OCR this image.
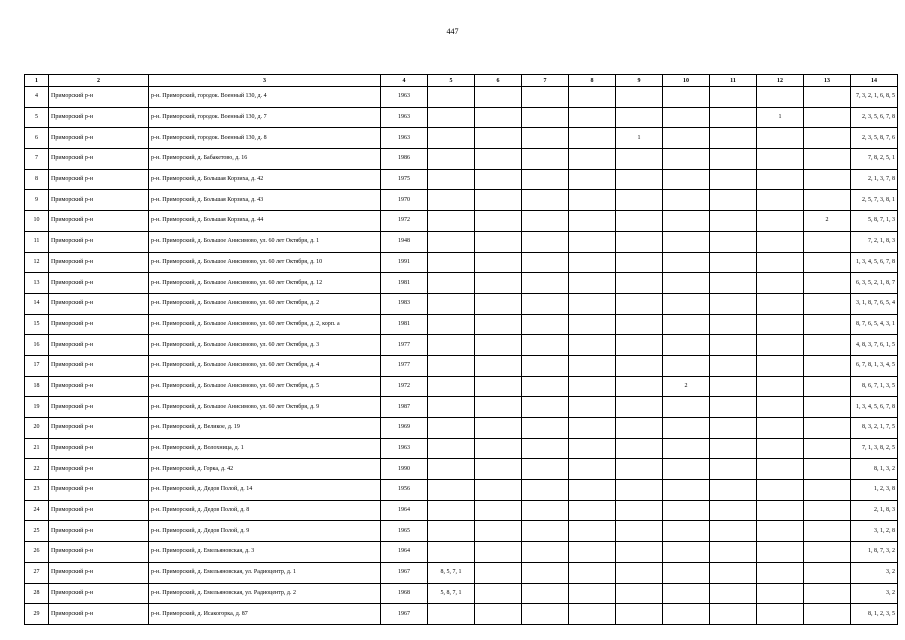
447
1	2	3	4	5	6	7	8	9	10	11	12	13	14
4	Приморский р-н	р-н. Приморский, городок. Военный 130, д. 4	1963										7, 3, 2, 1, 6, 8, 5
5	Приморский р-н	р-н. Приморский, городок. Военный 130, д. 7	1963								1		2, 3, 5, 6, 7, 8
6	Приморский р-н	р-н. Приморский, городок. Военный 130, д. 8	1963					1					2, 3, 5, 8, 7, 6
7	Приморский р-н	р-н. Приморский, д. Бабакетово, д. 16	1986										7, 8, 2, 5, 1
8	Приморский р-н	р-н. Приморский, д. Большая Корзиха, д. 42	1975										2, 1, 3, 7, 8
9	Приморский р-н	р-н. Приморский, д. Большая Корзиха, д. 43	1970										2, 5, 7, 3, 8, 1
10	Приморский р-н	р-н. Приморский, д. Большая Корзиха, д. 44	1972									2	5, 8, 7, 1, 3
11	Приморский р-н	р-н. Приморский, д. Большое Анисимово, ул. 60 лет Октября, д. 1	1948										7, 2, 1, 8, 3
12	Приморский р-н	р-н. Приморский, д. Большое Анисимово, ул. 60 лет Октября, д. 10	1991										1, 3, 4, 5, 6, 7, 8
13	Приморский р-н	р-н. Приморский, д. Большое Анисимово, ул. 60 лет Октября, д. 12	1981										6, 3, 5, 2, 1, 8, 7
14	Приморский р-н	р-н. Приморский, д. Большое Анисимово, ул. 60 лет Октября, д. 2	1983										3, 1, 8, 7, 6, 5, 4
15	Приморский р-н	р-н. Приморский, д. Большое Анисимово, ул. 60 лет Октября, д. 2, корп. а	1981										8, 7, 6, 5, 4, 3, 1
16	Приморский р-н	р-н. Приморский, д. Большое Анисимово, ул. 60 лет Октября, д. 3	1977										4, 8, 3, 7, 6, 1, 5
17	Приморский р-н	р-н. Приморский, д. Большое Анисимово, ул. 60 лет Октября, д. 4	1977										6, 7, 8, 1, 3, 4, 5
18	Приморский р-н	р-н. Приморский, д. Большое Анисимово, ул. 60 лет Октября, д. 5	1972						2				8, 6, 7, 1, 3, 5
19	Приморский р-н	р-н. Приморский, д. Большое Анисимово, ул. 60 лет Октября, д. 9	1987										1, 3, 4, 5, 6, 7, 8
20	Приморский р-н	р-н. Приморский, д. Великое, д. 19	1969										8, 3, 2, 1, 7, 5
21	Приморский р-н	р-н. Приморский, д. Волохница, д. 1	1963										7, 1, 3, 8, 2, 5
22	Приморский р-н	р-н. Приморский, д. Горка, д. 42	1990										8, 1, 3, 2
23	Приморский р-н	р-н. Приморский, д. Дедов Полой, д. 14	1956										1, 2, 3, 8
24	Приморский р-н	р-н. Приморский, д. Дедов Полой, д. 8	1964										2, 1, 8, 3
25	Приморский р-н	р-н. Приморский, д. Дедов Полой, д. 9	1965										3, 1, 2, 8
26	Приморский р-н	р-н. Приморский, д. Емельяновская, д. 3	1964										1, 8, 7, 3, 2
27	Приморский р-н	р-н. Приморский, д. Емельяновская, ул. Радиоцентр, д. 1	1967	8, 5, 7, 1									3, 2
28	Приморский р-н	р-н. Приморский, д. Емельяновская, ул. Радиоцентр, д. 2	1968	5, 8, 7, 1									3, 2
29	Приморский р-н	р-н. Приморский, д. Исакогорка, д. 87	1967										8, 1, 2, 3, 5
